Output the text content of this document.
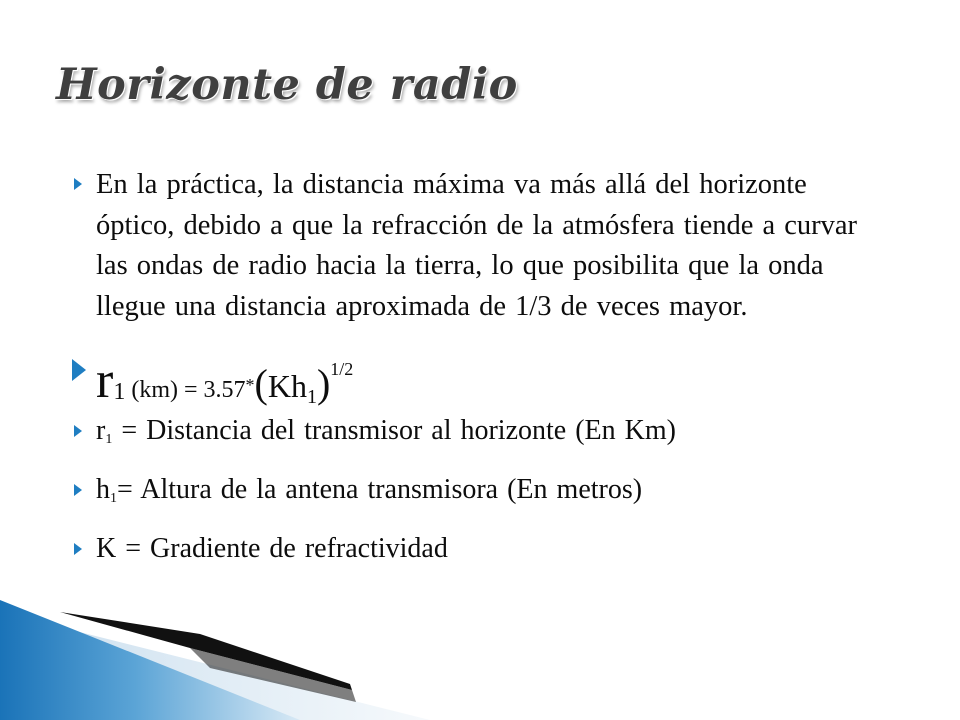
Horizonte de radio
En la práctica, la distancia máxima va más allá del horizonte óptico, debido a que la refracción de la atmósfera tiende a curvar las ondas de radio hacia la tierra, lo que posibilita que la onda llegue una distancia aproximada de 1/3 de veces mayor.
r1 $(km) = 3.57*(Kh1)^{1/2}$
r1 = Distancia del transmisor al horizonte (En Km)
h1= Altura de la antena transmisora (En metros)
K = Gradiente de refractividad
